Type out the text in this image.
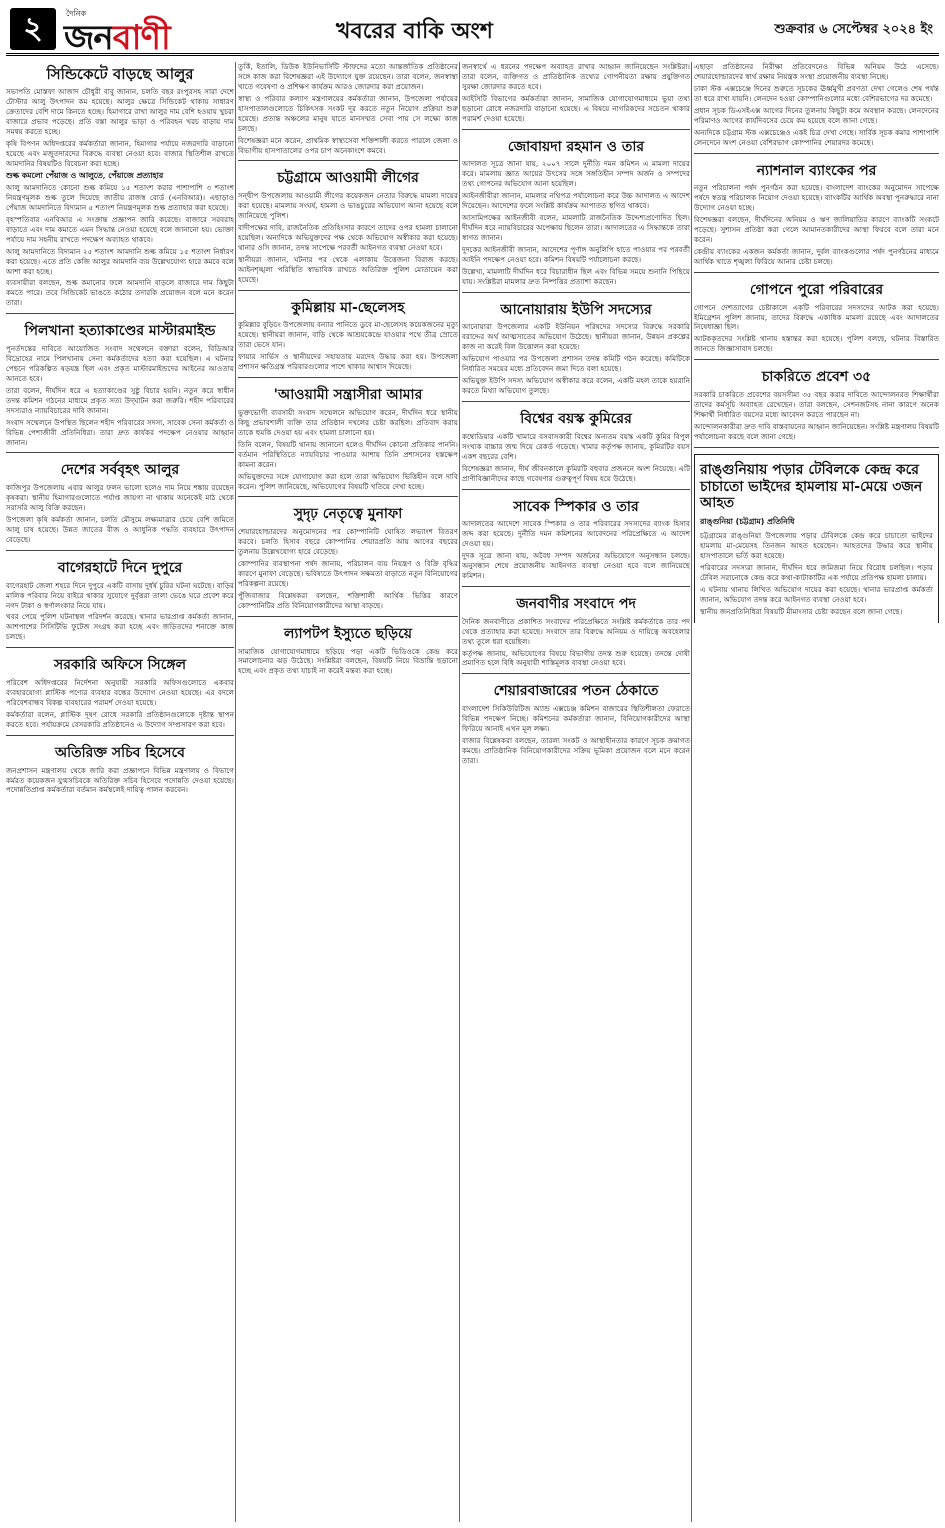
২	দৈনিক
জনবাণী	খবরের বাকি অংশ	শুক্রবার ৬ সেপ্টেম্বর ২০২৪ ইং
সিন্ডিকেটে বাড়ছে আলুর

সভাপতি মোস্তফা আজাদ চৌধুরী বাবু জানান, চলতি বছর রংপুরসহ সারা দেশে টোস্টার আলু উৎপাদন কম হয়েছে। আলুর ক্ষেত্রে সিন্ডিকেট থাকায় সাধারণ ক্রেতাদের বেশি দামে কিনতে হচ্ছে। হিমাগারে রাখা আলুর দাম বেশি হওয়ায় খুচরা বাজারে প্রভাব পড়েছে। প্রতি বস্তা আলুর ভাড়া ও পরিবহন খরচ বাড়ায় দাম সমন্বয় করতে হচ্ছে।

কৃষি বিপণন অধিদপ্তরের কর্মকর্তারা জানান, হিমাগার পর্যায়ে নজরদারি বাড়ানো হয়েছে এবং মজুতদারদের বিরুদ্ধে ব্যবস্থা নেওয়া হবে। বাজার স্থিতিশীল রাখতে আমদানির বিষয়টিও বিবেচনা করা হচ্ছে।

শুল্ক কমলো পেঁয়াজ ও আলুতে, পেঁয়াজে প্রত্যাহার

আলু আমদানিতে কোনো শুল্ক কমিয়ে ১৫ শতাংশ করার পাশাপাশি ৩ শতাংশ নিয়ন্ত্রণমূলক শুল্ক তুলে দিয়েছে জাতীয় রাজস্ব বোর্ড (এনবিআর)। এছাড়াও পেঁয়াজ আমদানিতে বিদ্যমান ৫ শতাংশ নিয়ন্ত্রণমূলক শুল্ক প্রত্যাহার করা হয়েছে।

বৃহস্পতিবার এনবিআর এ সংক্রান্ত প্রজ্ঞাপন জারি করেছে। বাজারে সরবরাহ বাড়াতে এবং দাম কমাতে এমন সিদ্ধান্ত নেওয়া হয়েছে বলে জানানো হয়। ভোক্তা পর্যায়ে দাম সহনীয় রাখতে পদক্ষেপ অব্যাহত থাকবে।

আলু আমদানিতে বিদ্যমান ২৫ শতাংশ আমদানি শুল্ক কমিয়ে ১৫ শতাংশ নির্ধারণ করা হয়েছে। এতে প্রতি কেজি আলুর আমদানি ব্যয় উল্লেখযোগ্য হারে কমবে বলে আশা করা হচ্ছে।

ব্যবসায়ীরা বলছেন, শুল্ক কমানোর ফলে আমদানি বাড়লে বাজারে দাম কিছুটা কমতে পারে। তবে সিন্ডিকেট ভাঙতে কঠোর তদারকি প্রয়োজন বলে মনে করেন তারা।

পিলখানা হত্যাকাণ্ডের মাস্টারমাইন্ড

পুনর্তদন্তের দাবিতে আয়োজিত সংবাদ সম্মেলনে বক্তারা বলেন, বিডিআর বিদ্রোহের নামে পিলখানায় সেনা কর্মকর্তাদের হত্যা করা হয়েছিল। এ ঘটনার পেছনে পরিকল্পিত ষড়যন্ত্র ছিল এবং প্রকৃত মাস্টারমাইন্ডদের আইনের আওতায় আনতে হবে।

তারা বলেন, দীর্ঘদিন ধরে এ হত্যাকাণ্ডের সুষ্ঠু বিচার হয়নি। নতুন করে স্বাধীন তদন্ত কমিশন গঠনের মাধ্যমে প্রকৃত সত্য উদ্‌ঘাটন করা জরুরি। শহীদ পরিবারের সদস্যরাও ন্যায়বিচারের দাবি জানান।

সংবাদ সম্মেলনে উপস্থিত ছিলেন শহীদ পরিবারের সদস্য, সাবেক সেনা কর্মকর্তা ও বিভিন্ন পেশাজীবী প্রতিনিধিরা। তারা দ্রুত কার্যকর পদক্ষেপ নেওয়ার আহ্বান জানান।

দেশের সর্ববৃহৎ আলুর

কাজিপুর উপজেলায় এবার আলুর ফলন ভালো হলেও দাম নিয়ে শঙ্কায় রয়েছেন কৃষকরা। স্থানীয় হিমাগারগুলোতে পর্যাপ্ত জায়গা না থাকায় অনেকেই মাঠ থেকে সরাসরি আলু বিক্রি করছেন।

উপজেলা কৃষি কর্মকর্তা জানান, চলতি মৌসুমে লক্ষ্যমাত্রার চেয়ে বেশি জমিতে আলু চাষ হয়েছে। উন্নত জাতের বীজ ও আধুনিক পদ্ধতি ব্যবহারে উৎপাদন বেড়েছে।

বাগেরহাটে দিনে দুপুরে

বাগেরহাট জেলা শহরে দিনে দুপুরে একটি বাসায় দুর্ধর্ষ চুরির ঘটনা ঘটেছে। বাড়ির মালিক পরিবার নিয়ে বাইরে থাকার সুযোগে দুর্বৃত্তরা তালা ভেঙে ঘরে প্রবেশ করে নগদ টাকা ও স্বর্ণালংকার নিয়ে যায়।

খবর পেয়ে পুলিশ ঘটনাস্থল পরিদর্শন করেছে। থানার ভারপ্রাপ্ত কর্মকর্তা জানান, আশপাশের সিসিটিভি ফুটেজ সংগ্রহ করা হচ্ছে এবং জড়িতদের শনাক্তে কাজ চলছে।

সরকারি অফিসে সিঙ্গেল

পরিবেশ অধিদপ্তরের নির্দেশনা অনুযায়ী সরকারি অফিসগুলোতে একবার ব্যবহারযোগ্য প্লাস্টিক পণ্যের ব্যবহার বন্ধের উদ্যোগ নেওয়া হয়েছে। এর বদলে পরিবেশবান্ধব বিকল্প ব্যবহারের পরামর্শ দেওয়া হয়েছে।

কর্মকর্তারা বলেন, প্লাস্টিক দূষণ রোধে সরকারি প্রতিষ্ঠানগুলোকে দৃষ্টান্ত স্থাপন করতে হবে। পর্যায়ক্রমে বেসরকারি প্রতিষ্ঠানেও এ উদ্যোগ সম্প্রসারণ করা হবে।

অতিরিক্ত সচিব হিসেবে

জনপ্রশাসন মন্ত্রণালয় থেকে জারি করা প্রজ্ঞাপনে বিভিন্ন মন্ত্রণালয় ও বিভাগে কর্মরত কয়েকজন যুগ্মসচিবকে অতিরিক্ত সচিব হিসেবে পদোন্নতি দেওয়া হয়েছে। পদোন্নতিপ্রাপ্ত কর্মকর্তারা বর্তমান কর্মস্থলেই দায়িত্ব পালন করবেন।

তুর্কি, ইতালি, ডিউক ইউনিভার্সিটি স্টাফদের মতো আন্তর্জাতিক প্রতিষ্ঠানের সঙ্গে কাজ করা বিশেষজ্ঞরা এই উদ্যোগে যুক্ত রয়েছেন। তারা বলেন, জনস্বাস্থ্য খাতে গবেষণা ও প্রশিক্ষণ কার্যক্রম আরও জোরদার করা প্রয়োজন।

স্বাস্থ্য ও পরিবার কল্যাণ মন্ত্রণালয়ের কর্মকর্তারা জানান, উপজেলা পর্যায়ের হাসপাতালগুলোতে চিকিৎসক সংকট দূর করতে নতুন নিয়োগ প্রক্রিয়া শুরু হয়েছে। প্রত্যন্ত অঞ্চলের মানুষ যাতে মানসম্মত সেবা পায় সে লক্ষ্যে কাজ চলছে।

বিশেষজ্ঞরা মনে করেন, প্রাথমিক স্বাস্থ্যসেবা শক্তিশালী করতে পারলে জেলা ও বিভাগীয় হাসপাতালের ওপর চাপ অনেকাংশে কমবে।

চট্টগ্রামে আওয়ামী লীগের

সন্দ্বীপ উপজেলায় আওয়ামী লীগের কয়েকজন নেতার বিরুদ্ধে মামলা দায়ের করা হয়েছে। মামলায় সংঘর্ষ, হামলা ও ভাঙচুরের অভিযোগ আনা হয়েছে বলে জানিয়েছে পুলিশ।

বাদীপক্ষের দাবি, রাজনৈতিক প্রতিহিংসার কারণে তাদের ওপর হামলা চালানো হয়েছিল। অন্যদিকে অভিযুক্তদের পক্ষ থেকে অভিযোগ অস্বীকার করা হয়েছে। থানার ওসি জানান, তদন্ত সাপেক্ষে পরবর্তী আইনগত ব্যবস্থা নেওয়া হবে।

স্থানীয়রা জানান, ঘটনার পর থেকে এলাকায় উত্তেজনা বিরাজ করছে। আইনশৃঙ্খলা পরিস্থিতি স্বাভাবিক রাখতে অতিরিক্ত পুলিশ মোতায়েন করা হয়েছে।

কুমিল্লায় মা-ছেলেসহ

কুমিল্লার বুড়িচং উপজেলায় বন্যার পানিতে ডুবে মা-ছেলেসহ কয়েকজনের মৃত্যু হয়েছে। স্থানীয়রা জানান, বাড়ি থেকে আশ্রয়কেন্দ্রে যাওয়ার পথে তীব্র স্রোতে তারা ভেসে যান।

ফায়ার সার্ভিস ও স্থানীয়দের সহায়তায় মরদেহ উদ্ধার করা হয়। উপজেলা প্রশাসন ক্ষতিগ্রস্ত পরিবারগুলোর পাশে থাকার আশ্বাস দিয়েছে।

'আওয়ামী সন্ত্রাসীরা আমার

ভুক্তভোগী ব্যবসায়ী সংবাদ সম্মেলনে অভিযোগ করেন, দীর্ঘদিন ধরে স্থানীয় কিছু প্রভাবশালী ব্যক্তি তার প্রতিষ্ঠান দখলের চেষ্টা করছিল। প্রতিবাদ করায় তাকে হুমকি দেওয়া হয় এবং হামলা চালানো হয়।

তিনি বলেন, বিষয়টি থানায় জানানো হলেও দীর্ঘদিন কোনো প্রতিকার পাননি। বর্তমান পরিস্থিতিতে ন্যায়বিচার পাওয়ার আশায় তিনি প্রশাসনের হস্তক্ষেপ কামনা করেন।

অভিযুক্তদের সঙ্গে যোগাযোগ করা হলে তারা অভিযোগ ভিত্তিহীন বলে দাবি করেন। পুলিশ জানিয়েছে, অভিযোগের বিষয়টি খতিয়ে দেখা হচ্ছে।

সুদৃঢ় নেতৃত্বে মুনাফা

শেয়ারহোল্ডারদের অনুমোদনের পর কোম্পানিটি ঘোষিত লভ্যাংশ বিতরণ করবে। চলতি হিসাব বছরে কোম্পানির শেয়ারপ্রতি আয় আগের বছরের তুলনায় উল্লেখযোগ্য হারে বেড়েছে।

কোম্পানির ব্যবস্থাপনা পর্ষদ জানায়, পরিচালন ব্যয় নিয়ন্ত্রণ ও বিক্রি বৃদ্ধির কারণে মুনাফা বেড়েছে। ভবিষ্যতে উৎপাদন সক্ষমতা বাড়াতে নতুন বিনিয়োগের পরিকল্পনা রয়েছে।

পুঁজিবাজার বিশ্লেষকরা বলছেন, শক্তিশালী আর্থিক ভিত্তির কারণে কোম্পানিটির প্রতি বিনিয়োগকারীদের আস্থা বাড়ছে।

ল্যাপটপ ইস্যুতে ছড়িয়ে

সামাজিক যোগাযোগমাধ্যমে ছড়িয়ে পড়া একটি ভিডিওকে কেন্দ্র করে সমালোচনার ঝড় উঠেছে। সংশ্লিষ্টরা বলছেন, বিষয়টি নিয়ে বিভ্রান্তি ছড়ানো হচ্ছে এবং প্রকৃত তথ্য যাচাই না করেই মন্তব্য করা হচ্ছে।

জনস্বার্থে এ ধরনের পদক্ষেপ অব্যাহত রাখার আহ্বান জানিয়েছেন সংশ্লিষ্টরা। তারা বলেন, ব্যক্তিগত ও প্রাতিষ্ঠানিক তথ্যের গোপনীয়তা রক্ষায় প্রযুক্তিগত সুরক্ষা জোরদার করতে হবে।

আইসিটি বিভাগের কর্মকর্তারা জানান, সামাজিক যোগাযোগমাধ্যমে ভুয়া তথ্য ছড়ানো রোধে নজরদারি বাড়ানো হয়েছে। এ বিষয়ে নাগরিকদের সচেতন থাকার পরামর্শ দেওয়া হয়েছে।

জোবায়দা রহমান ও তার

আদালত সূত্রে জানা যায়, ২০০৭ সালে দুর্নীতি দমন কমিশন এ মামলা দায়ের করে। মামলায় জ্ঞাত আয়ের উৎসের সঙ্গে সঙ্গতিহীন সম্পদ অর্জন ও সম্পদের তথ্য গোপনের অভিযোগ আনা হয়েছিল।

আইনজীবীরা জানান, মামলার নথিপত্র পর্যালোচনা করে উচ্চ আদালত এ আদেশ দিয়েছেন। আদেশের ফলে সংশ্লিষ্ট কার্যক্রম আপাতত স্থগিত থাকবে।

আসামিপক্ষের আইনজীবী বলেন, মামলাটি রাজনৈতিক উদ্দেশ্যপ্রণোদিত ছিল। দীর্ঘদিন ধরে ন্যায়বিচারের অপেক্ষায় ছিলেন তারা। আদালতের এ সিদ্ধান্তকে তারা স্বাগত জানান।

দুদকের আইনজীবী জানান, আদেশের পূর্ণাঙ্গ অনুলিপি হাতে পাওয়ার পর পরবর্তী আইনি পদক্ষেপ নেওয়া হবে। কমিশন বিষয়টি পর্যালোচনা করছে।

উল্লেখ্য, মামলাটি দীর্ঘদিন ধরে বিচারাধীন ছিল এবং বিভিন্ন সময়ে শুনানি পিছিয়ে যায়। সংশ্লিষ্টরা মামলার দ্রুত নিষ্পত্তির প্রত্যাশা করছেন।

আনোয়ারায় ইউপি সদস্যের

আনোয়ারা উপজেলার একটি ইউনিয়ন পরিষদের সদস্যের বিরুদ্ধে সরকারি বরাদ্দের অর্থ আত্মসাতের অভিযোগ উঠেছে। স্থানীয়রা জানান, উন্নয়ন প্রকল্পের কাজ না করেই বিল উত্তোলন করা হয়েছে।

অভিযোগ পাওয়ার পর উপজেলা প্রশাসন তদন্ত কমিটি গঠন করেছে। কমিটিকে নির্ধারিত সময়ের মধ্যে প্রতিবেদন জমা দিতে বলা হয়েছে।

অভিযুক্ত ইউপি সদস্য অভিযোগ অস্বীকার করে বলেন, একটি মহল তাকে হয়রানি করতে মিথ্যা অভিযোগ তুলছে।

বিশ্বের বয়স্ক কুমিরের

কম্বোডিয়ার একটি খামারে বসবাসকারী বিশ্বের অন্যতম বয়স্ক একটি কুমির বিপুল সংখ্যক বাচ্চার জন্ম দিয়ে রেকর্ড গড়েছে। খামার কর্তৃপক্ষ জানায়, কুমিরটির বয়স একশ বছরের বেশি।

বিশেষজ্ঞরা জানান, দীর্ঘ জীবনকালে কুমিরটি বহুবার প্রজননে অংশ নিয়েছে। এটি প্রাণীবিজ্ঞানীদের কাছে গবেষণার গুরুত্বপূর্ণ বিষয় হয়ে উঠেছে।

সাবেক স্পিকার ও তার

আদালতের আদেশে সাবেক স্পিকার ও তার পরিবারের সদস্যদের ব্যাংক হিসাব জব্দ করা হয়েছে। দুর্নীতি দমন কমিশনের আবেদনের পরিপ্রেক্ষিতে এ আদেশ দেওয়া হয়।

দুদক সূত্রে জানা যায়, অবৈধ সম্পদ অর্জনের অভিযোগে অনুসন্ধান চলছে। অনুসন্ধান শেষে প্রয়োজনীয় আইনগত ব্যবস্থা নেওয়া হবে বলে জানিয়েছে কমিশন।

জনবাণীর সংবাদে পদ

দৈনিক জনবাণীতে প্রকাশিত সংবাদের পরিপ্রেক্ষিতে সংশ্লিষ্ট কর্মকর্তাকে তার পদ থেকে প্রত্যাহার করা হয়েছে। সংবাদে তার বিরুদ্ধে অনিয়ম ও দায়িত্বে অবহেলার তথ্য তুলে ধরা হয়েছিল।

কর্তৃপক্ষ জানায়, অভিযোগের বিষয়ে বিভাগীয় তদন্ত শুরু হয়েছে। তদন্তে দোষী প্রমাণিত হলে বিধি অনুযায়ী শাস্তিমূলক ব্যবস্থা নেওয়া হবে।

শেয়ারবাজারের পতন ঠেকাতে

বাংলাদেশ সিকিউরিটিজ অ্যান্ড এক্সচেঞ্জ কমিশন বাজারের স্থিতিশীলতা ফেরাতে বিভিন্ন পদক্ষেপ নিচ্ছে। কমিশনের কর্মকর্তারা জানান, বিনিয়োগকারীদের আস্থা ফিরিয়ে আনাই এখন মূল লক্ষ্য।

বাজার বিশ্লেষকরা বলছেন, তারল্য সংকট ও আস্থাহীনতার কারণে সূচক ক্রমাগত কমছে। প্রাতিষ্ঠানিক বিনিয়োগকারীদের সক্রিয় ভূমিকা প্রয়োজন বলে মনে করেন তারা।

এছাড়া প্রতিষ্ঠানের নিরীক্ষা প্রতিবেদনেও বিভিন্ন অনিয়ম উঠে এসেছে। শেয়ারহোল্ডারদের স্বার্থ রক্ষায় নিয়ন্ত্রক সংস্থা প্রয়োজনীয় ব্যবস্থা নিচ্ছে।

ঢাকা স্টক এক্সচেঞ্জে দিনের শুরুতে সূচকের ঊর্ধ্বমুখী প্রবণতা দেখা গেলেও শেষ পর্যন্ত তা ধরে রাখা যায়নি। লেনদেন হওয়া কোম্পানিগুলোর মধ্যে বেশিরভাগের দর কমেছে।

প্রধান সূচক ডিএসইএক্স আগের দিনের তুলনায় কিছুটা কমে অবস্থান করছে। লেনদেনের পরিমাণও আগের কার্যদিবসের চেয়ে কম হয়েছে বলে জানা গেছে।

অন্যদিকে চট্টগ্রাম স্টক এক্সচেঞ্জেও একই চিত্র দেখা গেছে। সার্বিক সূচক কমার পাশাপাশি লেনদেনে অংশ নেওয়া বেশিরভাগ কোম্পানির শেয়ারদর কমেছে।

ন্যাশনাল ব্যাংকের পর

নতুন পরিচালনা পর্ষদ পুনর্গঠন করা হয়েছে। বাংলাদেশ ব্যাংকের অনুমোদন সাপেক্ষে পর্ষদে স্বতন্ত্র পরিচালক নিয়োগ দেওয়া হয়েছে। ব্যাংকটির আর্থিক অবস্থা পুনরুদ্ধারে নানা উদ্যোগ নেওয়া হচ্ছে।

বিশেষজ্ঞরা বলছেন, দীর্ঘদিনের অনিয়ম ও ঋণ জালিয়াতির কারণে ব্যাংকটি সংকটে পড়েছে। সুশাসন প্রতিষ্ঠা করা গেলে আমানতকারীদের আস্থা ফিরবে বলে তারা মনে করেন।

কেন্দ্রীয় ব্যাংকের একজন কর্মকর্তা জানান, দুর্বল ব্যাংকগুলোর পর্ষদ পুনর্গঠনের মাধ্যমে আর্থিক খাতে শৃঙ্খলা ফিরিয়ে আনার চেষ্টা চলছে।

গোপনে পুরো পরিবারের

গোপনে দেশত্যাগের চেষ্টাকালে একটি পরিবারের সদস্যদের আটক করা হয়েছে। ইমিগ্রেশন পুলিশ জানায়, তাদের বিরুদ্ধে একাধিক মামলা রয়েছে এবং আদালতের নিষেধাজ্ঞা ছিল।

আটককৃতদের সংশ্লিষ্ট থানায় হস্তান্তর করা হয়েছে। পুলিশ বলছে, ঘটনার বিস্তারিত জানতে জিজ্ঞাসাবাদ চলছে।

চাকরিতে প্রবেশ ৩৫

সরকারি চাকরিতে প্রবেশের বয়সসীমা ৩৫ বছর করার দাবিতে আন্দোলনরত শিক্ষার্থীরা তাদের কর্মসূচি অব্যাহত রেখেছেন। তারা বলছেন, সেশনজটসহ নানা কারণে অনেক শিক্ষার্থী নির্ধারিত বয়সের মধ্যে আবেদন করতে পারছেন না।

আন্দোলনকারীরা দ্রুত দাবি বাস্তবায়নের আহ্বান জানিয়েছেন। সংশ্লিষ্ট মন্ত্রণালয় বিষয়টি পর্যালোচনা করছে বলে জানা গেছে।

রাঙ্গুনিয়ায় পড়ার টেবিলকে কেন্দ্র করে চাচাতো ভাইদের হামলায় মা-মেয়ে ৩জন আহত
রাঙ্গুনিয়া (চট্টগ্রাম) প্রতিনিধি

চট্টগ্রামের রাঙ্গুনিয়া উপজেলায় পড়ার টেবিলকে কেন্দ্র করে চাচাতো ভাইদের হামলায় মা-মেয়েসহ তিনজন আহত হয়েছেন। আহতদের উদ্ধার করে স্থানীয় হাসপাতালে ভর্তি করা হয়েছে।

পরিবারের সদস্যরা জানান, দীর্ঘদিন ধরে জমিজমা নিয়ে বিরোধ চলছিল। পড়ার টেবিল সরানোকে কেন্দ্র করে কথা-কাটাকাটির এক পর্যায়ে প্রতিপক্ষ হামলা চালায়।

এ ঘটনায় থানায় লিখিত অভিযোগ দায়ের করা হয়েছে। থানার ভারপ্রাপ্ত কর্মকর্তা জানান, অভিযোগ তদন্ত করে আইনগত ব্যবস্থা নেওয়া হবে।

স্থানীয় জনপ্রতিনিধিরা বিষয়টি মীমাংসার চেষ্টা করছেন বলে জানা গেছে।
